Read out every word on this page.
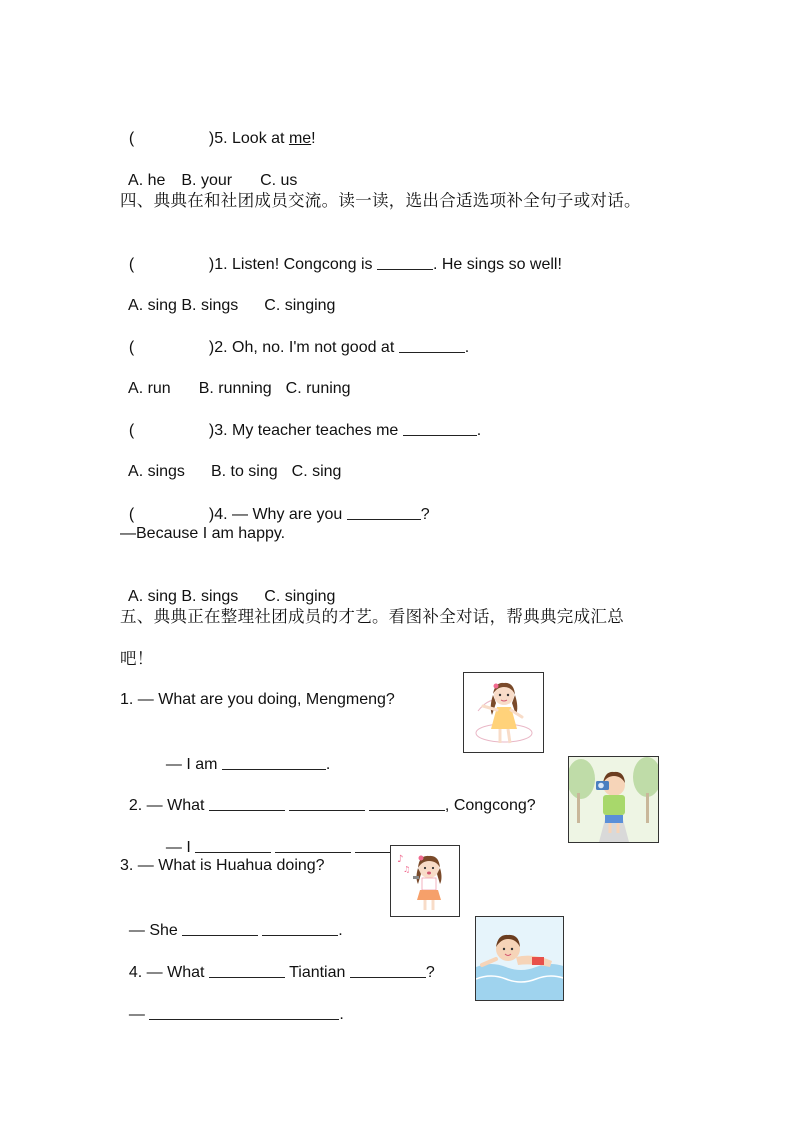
(	)5. Look at me!

A. he B. your C. us

四、典典在和社团成员交流。读一读，选出合适选项补全句子或对话。

(	)1. Listen! Congcong is	. He sings so well!

A. sing B. sings C. singing

(	)2. Oh, no. I'm not good at	.

A. run B. running C. runing

(	)3. My teacher teaches me	.

A. sings B. to sing C. sing

(	)4. — Why are you	?

—Because I am happy.

A. sing B. sings C. singing

五、典典正在整理社团成员的才艺。看图补全对话，帮典典完成汇总
吧！
1. — What are you doing, Mengmeng?

— I am	.

2. — What	, Congcong?

— I

3. — What is Huahua doing?

— She	.

4. — What	Tiantian	?

—	.

♪
♫
